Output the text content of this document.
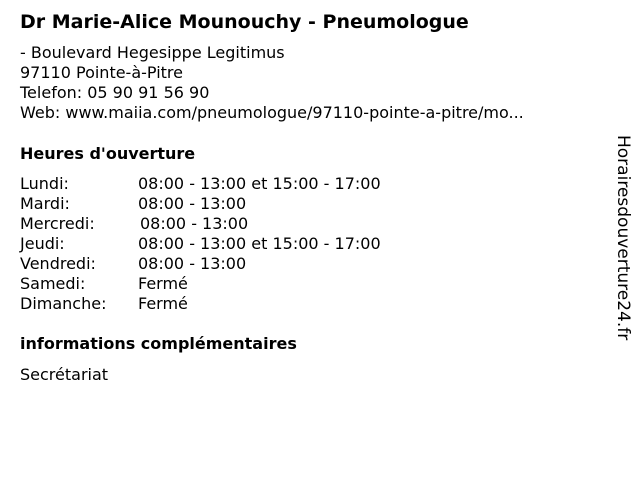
Dr Marie-Alice Mounouchy - Pneumologue
- Boulevard Hegesippe Legitimus
97110 Pointe-à-Pitre
Telefon: 05 90 91 56 90
Web: www.maiia.com/pneumologue/97110-pointe-a-pitre/mo...
Heures d'ouverture
Lundi:	08:00 - 13:00 et 15:00 - 17:00
Mardi:	08:00 - 13:00
Mercredi:	08:00 - 13:00
Jeudi:	08:00 - 13:00 et 15:00 - 17:00
Vendredi:	08:00 - 13:00
Samedi:	Fermé
Dimanche: Fermé
informations complémentaires
Secrétariat
Horairesdouverture24.fr
